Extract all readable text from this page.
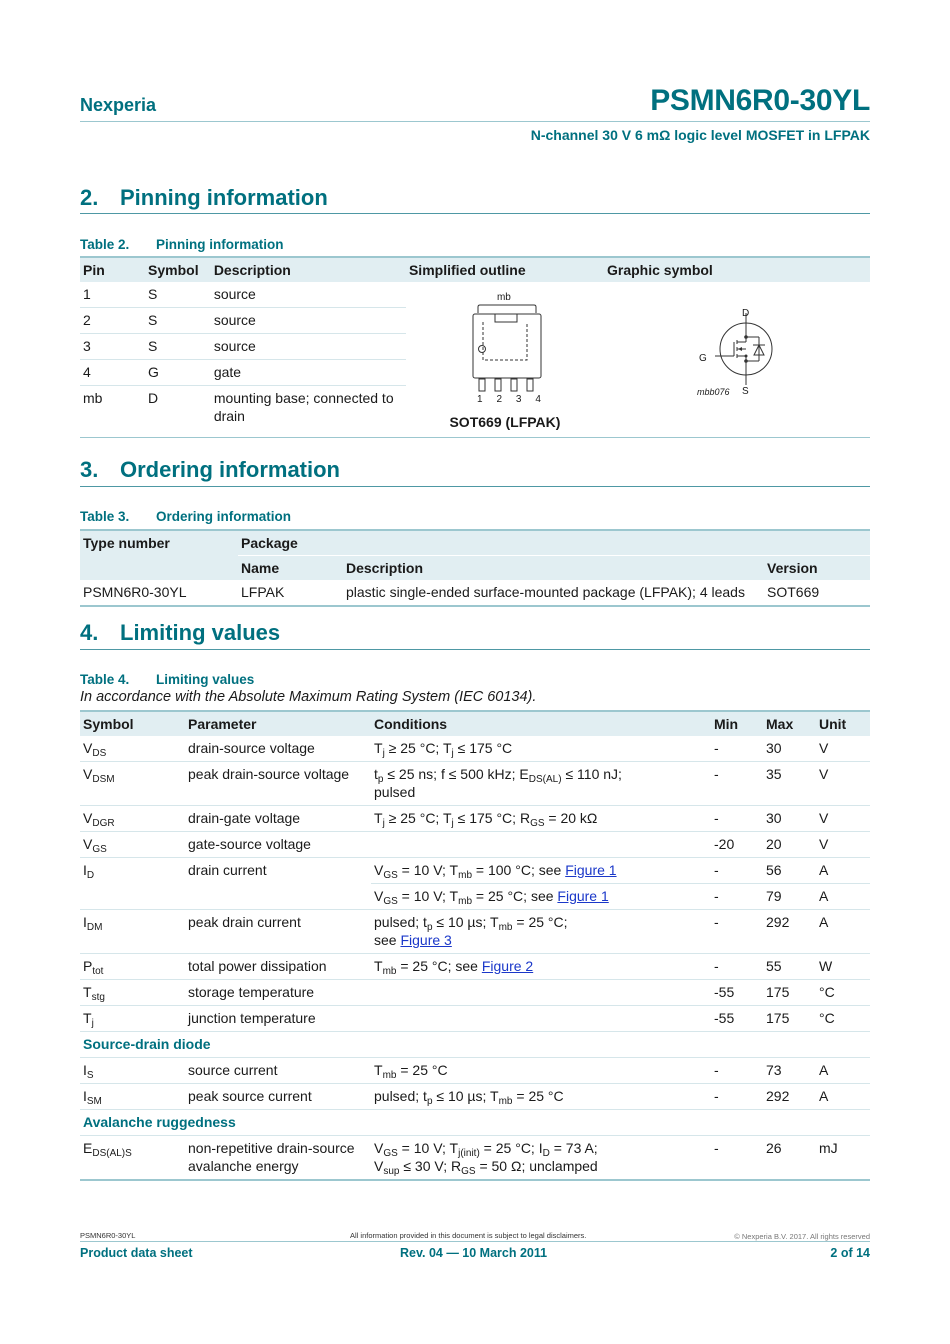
Nexperia	PSMN6R0-30YL
N-channel 30 V 6 mΩ logic level MOSFET in LFPAK
2. Pinning information
Table 2. Pinning information
Pin	Symbol	Description	Simplified outline	Graphic symbol
1	S	source	mb
1 2 3 4
SOT669 (LFPAK)

D
G
S
mbb076

2	S	source		
3	S	source		
4	G	gate		
mb	D	mounting base; connected to drain		
3. Ordering information
Table 3. Ordering information
Type number	Package		
	Name	Description	Version
PSMN6R0-30YL	LFPAK	plastic single-ended surface-mounted package (LFPAK); 4 leads	SOT669
4. Limiting values
Table 4. Limiting values
In accordance with the Absolute Maximum Rating System (IEC 60134).
Symbol	Parameter	Conditions	Min	Max	Unit
$V_{DS}$	drain-source voltage	$T_j \ge 25$ °C; $T_j \le 175$ °C	-	30	V
$V_{DSM}$	peak drain-source voltage	$t_p \le 25$ ns; f ≤ 500 kHz; $E_{DS(AL)} \le 110$ nJ;
pulsed	-	35	V
$V_{DGR}$	drain-gate voltage	$T_j \ge 25$ °C; $T_j \le 175$ °C; $R_{GS} = 20$ kΩ	-	30	V
$V_{GS}$	gate-source voltage		-20	20	V
$I_D$	drain current	$V_{GS} = 10$ V; $T_{mb} = 100$ °C; see Figure 1	-	56	A
		$V_{GS} = 10$ V; $T_{mb} = 25$ °C; see Figure 1	-	79	A
$I_{DM}$	peak drain current	pulsed; $t_p \le 10$ µs; $T_{mb} = 25$ °C;
see Figure 3	-	292	A
$P_{tot}$	total power dissipation	$T_{mb} = 25$ °C; see Figure 2	-	55	W
$T_{stg}$	storage temperature		-55	175	°C
$T_j$	junction temperature		-55	175	°C
Source-drain diode					
$I_S$	source current	$T_{mb} = 25$ °C	-	73	A
$I_{SM}$	peak source current	pulsed; $t_p \le 10$ µs; $T_{mb} = 25$ °C	-	292	A
Avalanche ruggedness					
$E_{DS(AL)S}$	non-repetitive drain-source avalanche energy	$V_{GS} = 10$ V; $T_{j(init)} = 25$ °C; $I_D = 73$ A;
$V_{sup} \le 30$ V; $R_{GS} = 50$ Ω; unclamped	-	26	mJ
PSMN6R0-30YL	All information provided in this document is subject to legal disclaimers.	© Nexperia B.V. 2017. All rights reserved
Product data sheet	Rev. 04 — 10 March 2011	2 of 14
